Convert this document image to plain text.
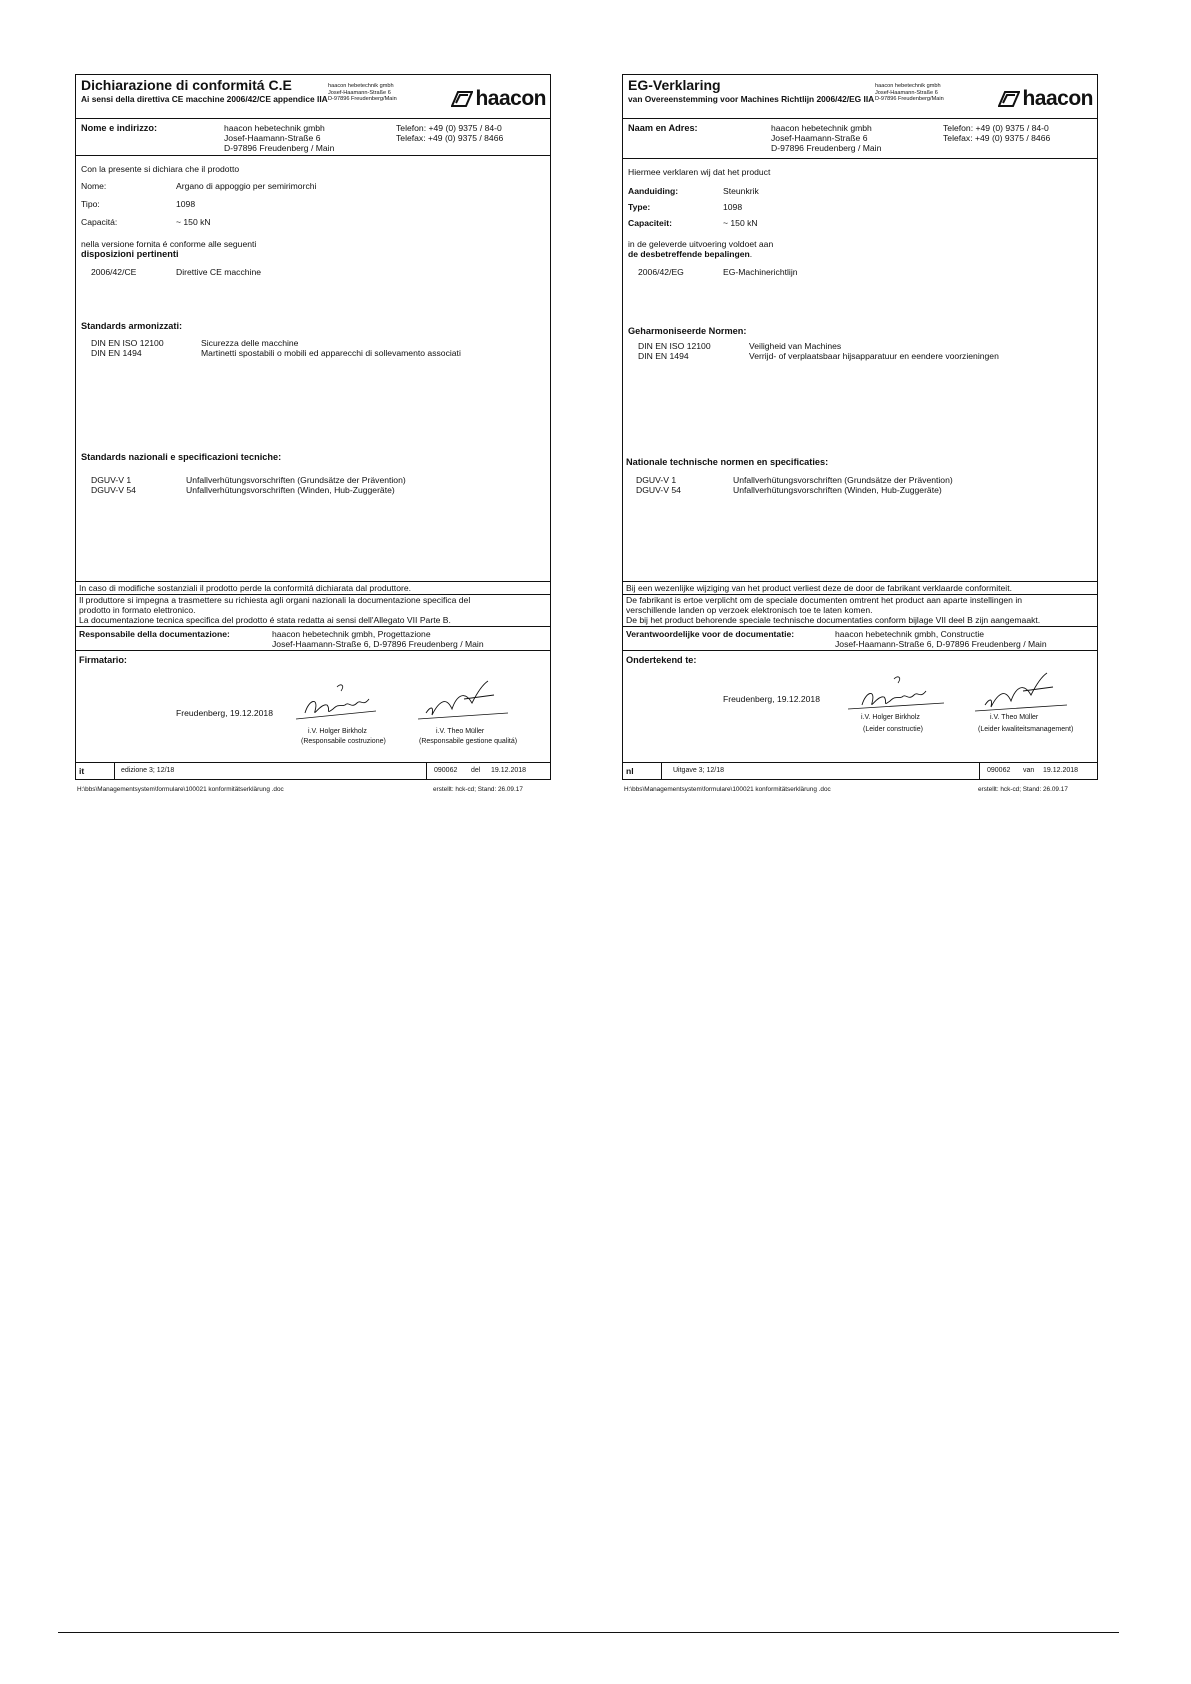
Dichiarazione di conformitá C.E
Ai sensi della direttiva CE macchine 2006/42/CE appendice IIA
haacon hebetechnik gmbh
Josef-Haamann-Straße 6
D-97896 Freudenberg/Main	haacon
Nome e indirizzo:	haacon hebetechnik gmbh
Josef-Haamann-Straße 6
D-97896 Freudenberg / Main
Telefon: +49 (0) 9375 / 84-0
Telefax: +49 (0) 9375 / 8466
Con la presente si dichiara che il prodotto
Nome:	Argano di appoggio per semirimorchi
Tipo:	1098
Capacitá:	~ 150 kN
nella versione fornita é conforme alle seguenti
disposizioni pertinenti
2006/42/CE	Direttive CE macchine
Standards armonizzati:
DIN EN ISO 12100	Sicurezza delle macchine
DIN EN 1494	Martinetti spostabili o mobili ed apparecchi di sollevamento associati
Standards nazionali e specificazioni tecniche:
DGUV-V 1	Unfallverhütungsvorschriften (Grundsätze der Prävention)
DGUV-V 54	Unfallverhütungsvorschriften (Winden, Hub-Zuggeräte)
In caso di modifiche sostanziali il prodotto perde la conformitá dichiarata dal produttore.
Il produttore si impegna a trasmettere su richiesta agli organi nazionali la documentazione specifica del
prodotto in formato elettronico.
La documentazione tecnica specifica del prodotto é stata redatta ai sensi dell'Allegato VII Parte B.
Responsabile della documentazione:	haacon hebetechnik gmbh, Progettazione
Josef-Haamann-Straße 6, D-97896 Freudenberg / Main
Firmatario:
Freudenberg, 19.12.2018
i.V. Holger Birkholz
(Responsabile costruzione)
i.V. Theo Müller
(Responsabile gestione qualitá)
it	edizione 3; 12/18	090062 del 19.12.2018
H:\bbs\Managementsystem\formulare\100021 konformitätserklärung .doc	erstellt: hck-cd; Stand: 26.09.17
EG-Verklaring
van Overeenstemming voor Machines Richtlijn 2006/42/EG IIA
haacon hebetechnik gmbh
Josef-Haamann-Straße 6
D-97896 Freudenberg/Main	haacon
Naam en Adres:	haacon hebetechnik gmbh
Josef-Haamann-Straße 6
D-97896 Freudenberg / Main
Telefon: +49 (0) 9375 / 84-0
Telefax: +49 (0) 9375 / 8466
Hiermee verklaren wij dat het product
Aanduiding:	Steunkrik
Type:	1098
Capaciteit:	~ 150 kN
in de geleverde uitvoering voldoet aan
de desbetreffende bepalingen.
2006/42/EG	EG-Machinerichtlijn
Geharmoniseerde Normen:
DIN EN ISO 12100	Veiligheid van Machines
DIN EN 1494	Verrijd- of verplaatsbaar hijsapparatuur en eendere voorzieningen
Nationale technische normen en specificaties:
DGUV-V 1	Unfallverhütungsvorschriften (Grundsätze der Prävention)
DGUV-V 54	Unfallverhütungsvorschriften (Winden, Hub-Zuggeräte)
Bij een wezenlijke wijziging van het product verliest deze de door de fabrikant verklaarde conformiteit.
De fabrikant is ertoe verplicht om de speciale documenten omtrent het product aan aparte instellingen in
verschillende landen op verzoek elektronisch toe te laten komen.
De bij het product behorende speciale technische documentaties conform bijlage VII deel B zijn aangemaakt.
Verantwoordelijke voor de documentatie:	haacon hebetechnik gmbh, Constructie
Josef-Haamann-Straße 6, D-97896 Freudenberg / Main
Ondertekend te:
Freudenberg, 19.12.2018
i.V. Holger Birkholz
(Leider constructie)
i.V. Theo Müller
(Leider kwaliteitsmanagement)
nl	Uitgave 3; 12/18	090062 van 19.12.2018
H:\bbs\Managementsystem\formulare\100021 konformitätserklärung .doc	erstellt: hck-cd; Stand: 26.09.17
